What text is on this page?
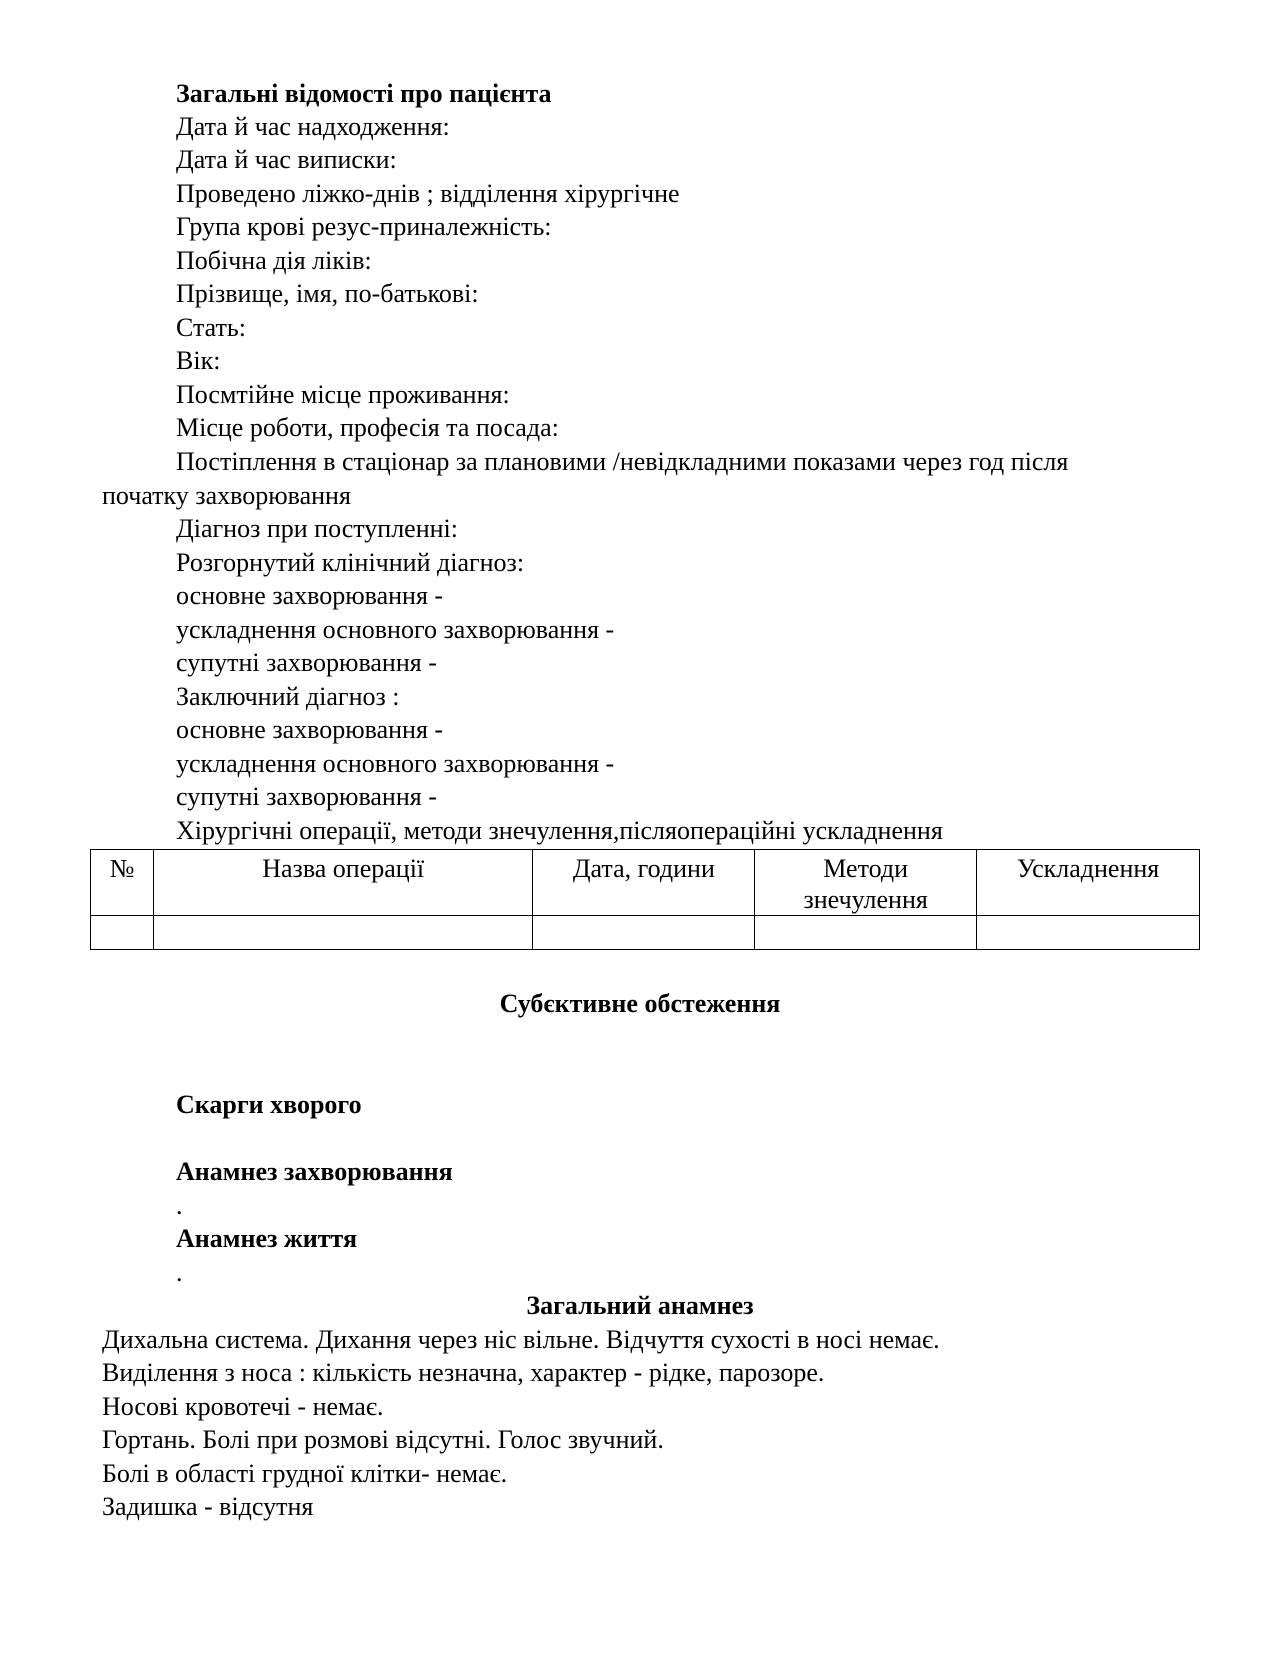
Загальні відомості про пацієнта
Дата й час надходження:
Дата й час виписки:
Проведено ліжко-днів ; відділення хірургічне
Група крові резус-приналежність:
Побічна дія ліків:
Прізвище, імя, по-батькові:
Стать:
Вік:
Посмтійне місце проживання:
Місце роботи, професія та посада:
Постіплення в стаціонар за плановими /невідкладними показами через год після
початку захворювання
Діагноз при поступленні:
Розгорнутий клінічний діагноз:
основне захворювання -
ускладнення основного захворювання -
супутні захворювання -
Заключний діагноз :
основне захворювання -
ускладнення основного захворювання -
супутні захворювання -
Хірургічні операції, методи знечулення,післяопераційні ускладнення
№	Назва операції	Дата, години	Методи знечулення	Ускладнення

Субєктивне обстеження
Скарги хворого
Анамнез захворювання
.
Анамнез життя
.
Загальний анамнез
Дихальна система. Дихання через ніс вільне. Відчуття сухості в носі немає.
Виділення з носа : кількість незначна, характер - рідке, парозоре.
Носові кровотечі - немає.
Гортань. Болі при розмові відсутні. Голос звучний.
Болі в області грудної клітки- немає.
Задишка - відсутня
